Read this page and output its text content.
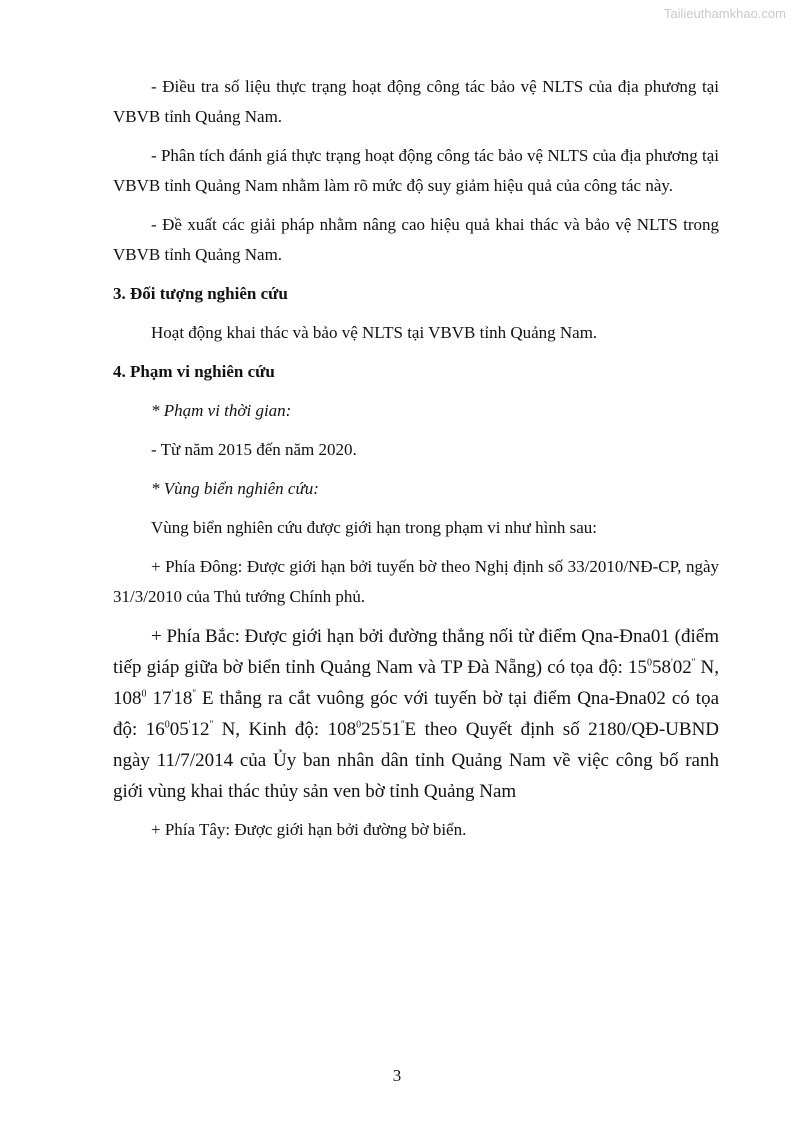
Tailieuthamkhao.com

- Điều tra số liệu thực trạng hoạt động công tác bảo vệ NLTS của địa phương tại VBVB tỉnh Quảng Nam.

- Phân tích đánh giá thực trạng hoạt động công tác bảo vệ NLTS của địa phương tại VBVB tỉnh Quảng Nam nhằm làm rõ mức độ suy giảm hiệu quả của công tác này.

- Đề xuất các giải pháp nhằm nâng cao hiệu quả khai thác và bảo vệ NLTS trong VBVB tỉnh Quảng Nam.

3. Đối tượng nghiên cứu

Hoạt động khai thác và bảo vệ NLTS tại VBVB tỉnh Quảng Nam.

4. Phạm vi nghiên cứu

* Phạm vi thời gian:

- Từ năm 2015 đến năm 2020.

* Vùng biển nghiên cứu:

Vùng biển nghiên cứu được giới hạn trong phạm vi như hình sau:

+ Phía Đông: Được giới hạn bởi tuyến bờ theo Nghị định số 33/2010/NĐ-CP, ngày 31/3/2010 của Thủ tướng Chính phủ.

+ Phía Bắc: Được giới hạn bởi đường thẳng nối từ điểm Qna-Đna01 (điểm tiếp giáp giữa bờ biển tỉnh Quảng Nam và TP Đà Nẵng) có tọa độ: $15^058'02''$ N, $108^0$ 17'18'' E thẳng ra cắt vuông góc với tuyến bờ tại điểm Qna-Đna02 có tọa độ: $16^005'12''$ N, Kinh độ: $108^025'51''E$ theo Quyết định số 2180/QĐ-UBND ngày 11/7/2014 của Ủy ban nhân dân tỉnh Quảng Nam về việc công bố ranh giới vùng khai thác thủy sản ven bờ tỉnh Quảng Nam

+ Phía Tây: Được giới hạn bởi đường bờ biển.

3
